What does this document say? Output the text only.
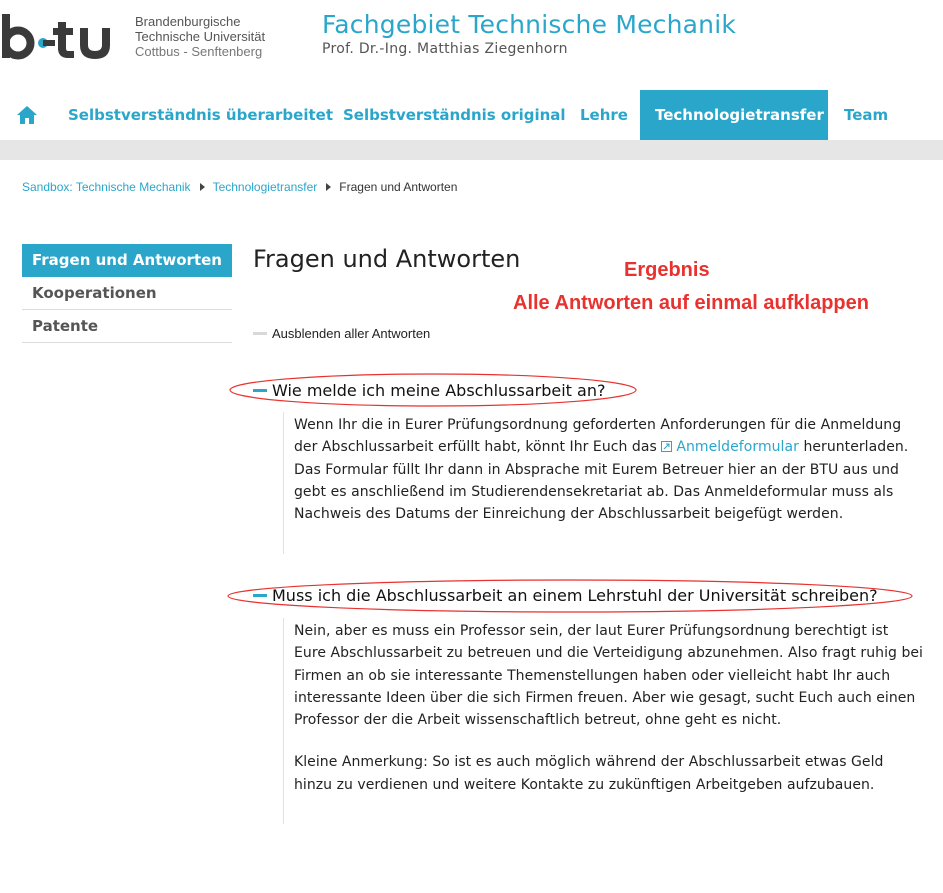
Brandenburgische
Technische Universität
Cottbus - Senftenberg
Fachgebiet Technische Mechanik
Prof. Dr.-Ing. Matthias Ziegenhorn
Selbstverständnis überarbeitet Selbstverständnis original Lehre	Technologietransfer Team
Sandbox: Technische Mechanik Technologietransfer Fragen und Antworten
Fragen und Antworten
Kooperationen
Patente
Fragen und Antworten	Ergebnis
Alle Antworten auf einmal aufklappen
Ausblenden aller Antworten
Wie melde ich meine Abschlussarbeit an?

Wenn Ihr die in Eurer Prüfungsordnung geforderten Anforderungen für die Anmeldung der Abschlussarbeit erfüllt habt, könnt Ihr Euch das Anmeldeformular herunterladen. Das Formular füllt Ihr dann in Absprache mit Eurem Betreuer hier an der BTU aus und gebt es anschließend im Studierendensekretariat ab. Das Anmeldeformular muss als Nachweis des Datums der Einreichung der Abschlussarbeit beigefügt werden.

Muss ich die Abschlussarbeit an einem Lehrstuhl der Universität schreiben?

Nein, aber es muss ein Professor sein, der laut Eurer Prüfungsordnung berechtigt ist Eure Abschlussarbeit zu betreuen und die Verteidigung abzunehmen. Also fragt ruhig bei Firmen an ob sie interessante Themenstellungen haben oder vielleicht habt Ihr auch interessante Ideen über die sich Firmen freuen. Aber wie gesagt, sucht Euch auch einen Professor der die Arbeit wissenschaftlich betreut, ohne geht es nicht.

Kleine Anmerkung: So ist es auch möglich während der Abschlussarbeit etwas Geld hinzu zu verdienen und weitere Kontakte zu zukünftigen Arbeitgeben aufzubauen.
